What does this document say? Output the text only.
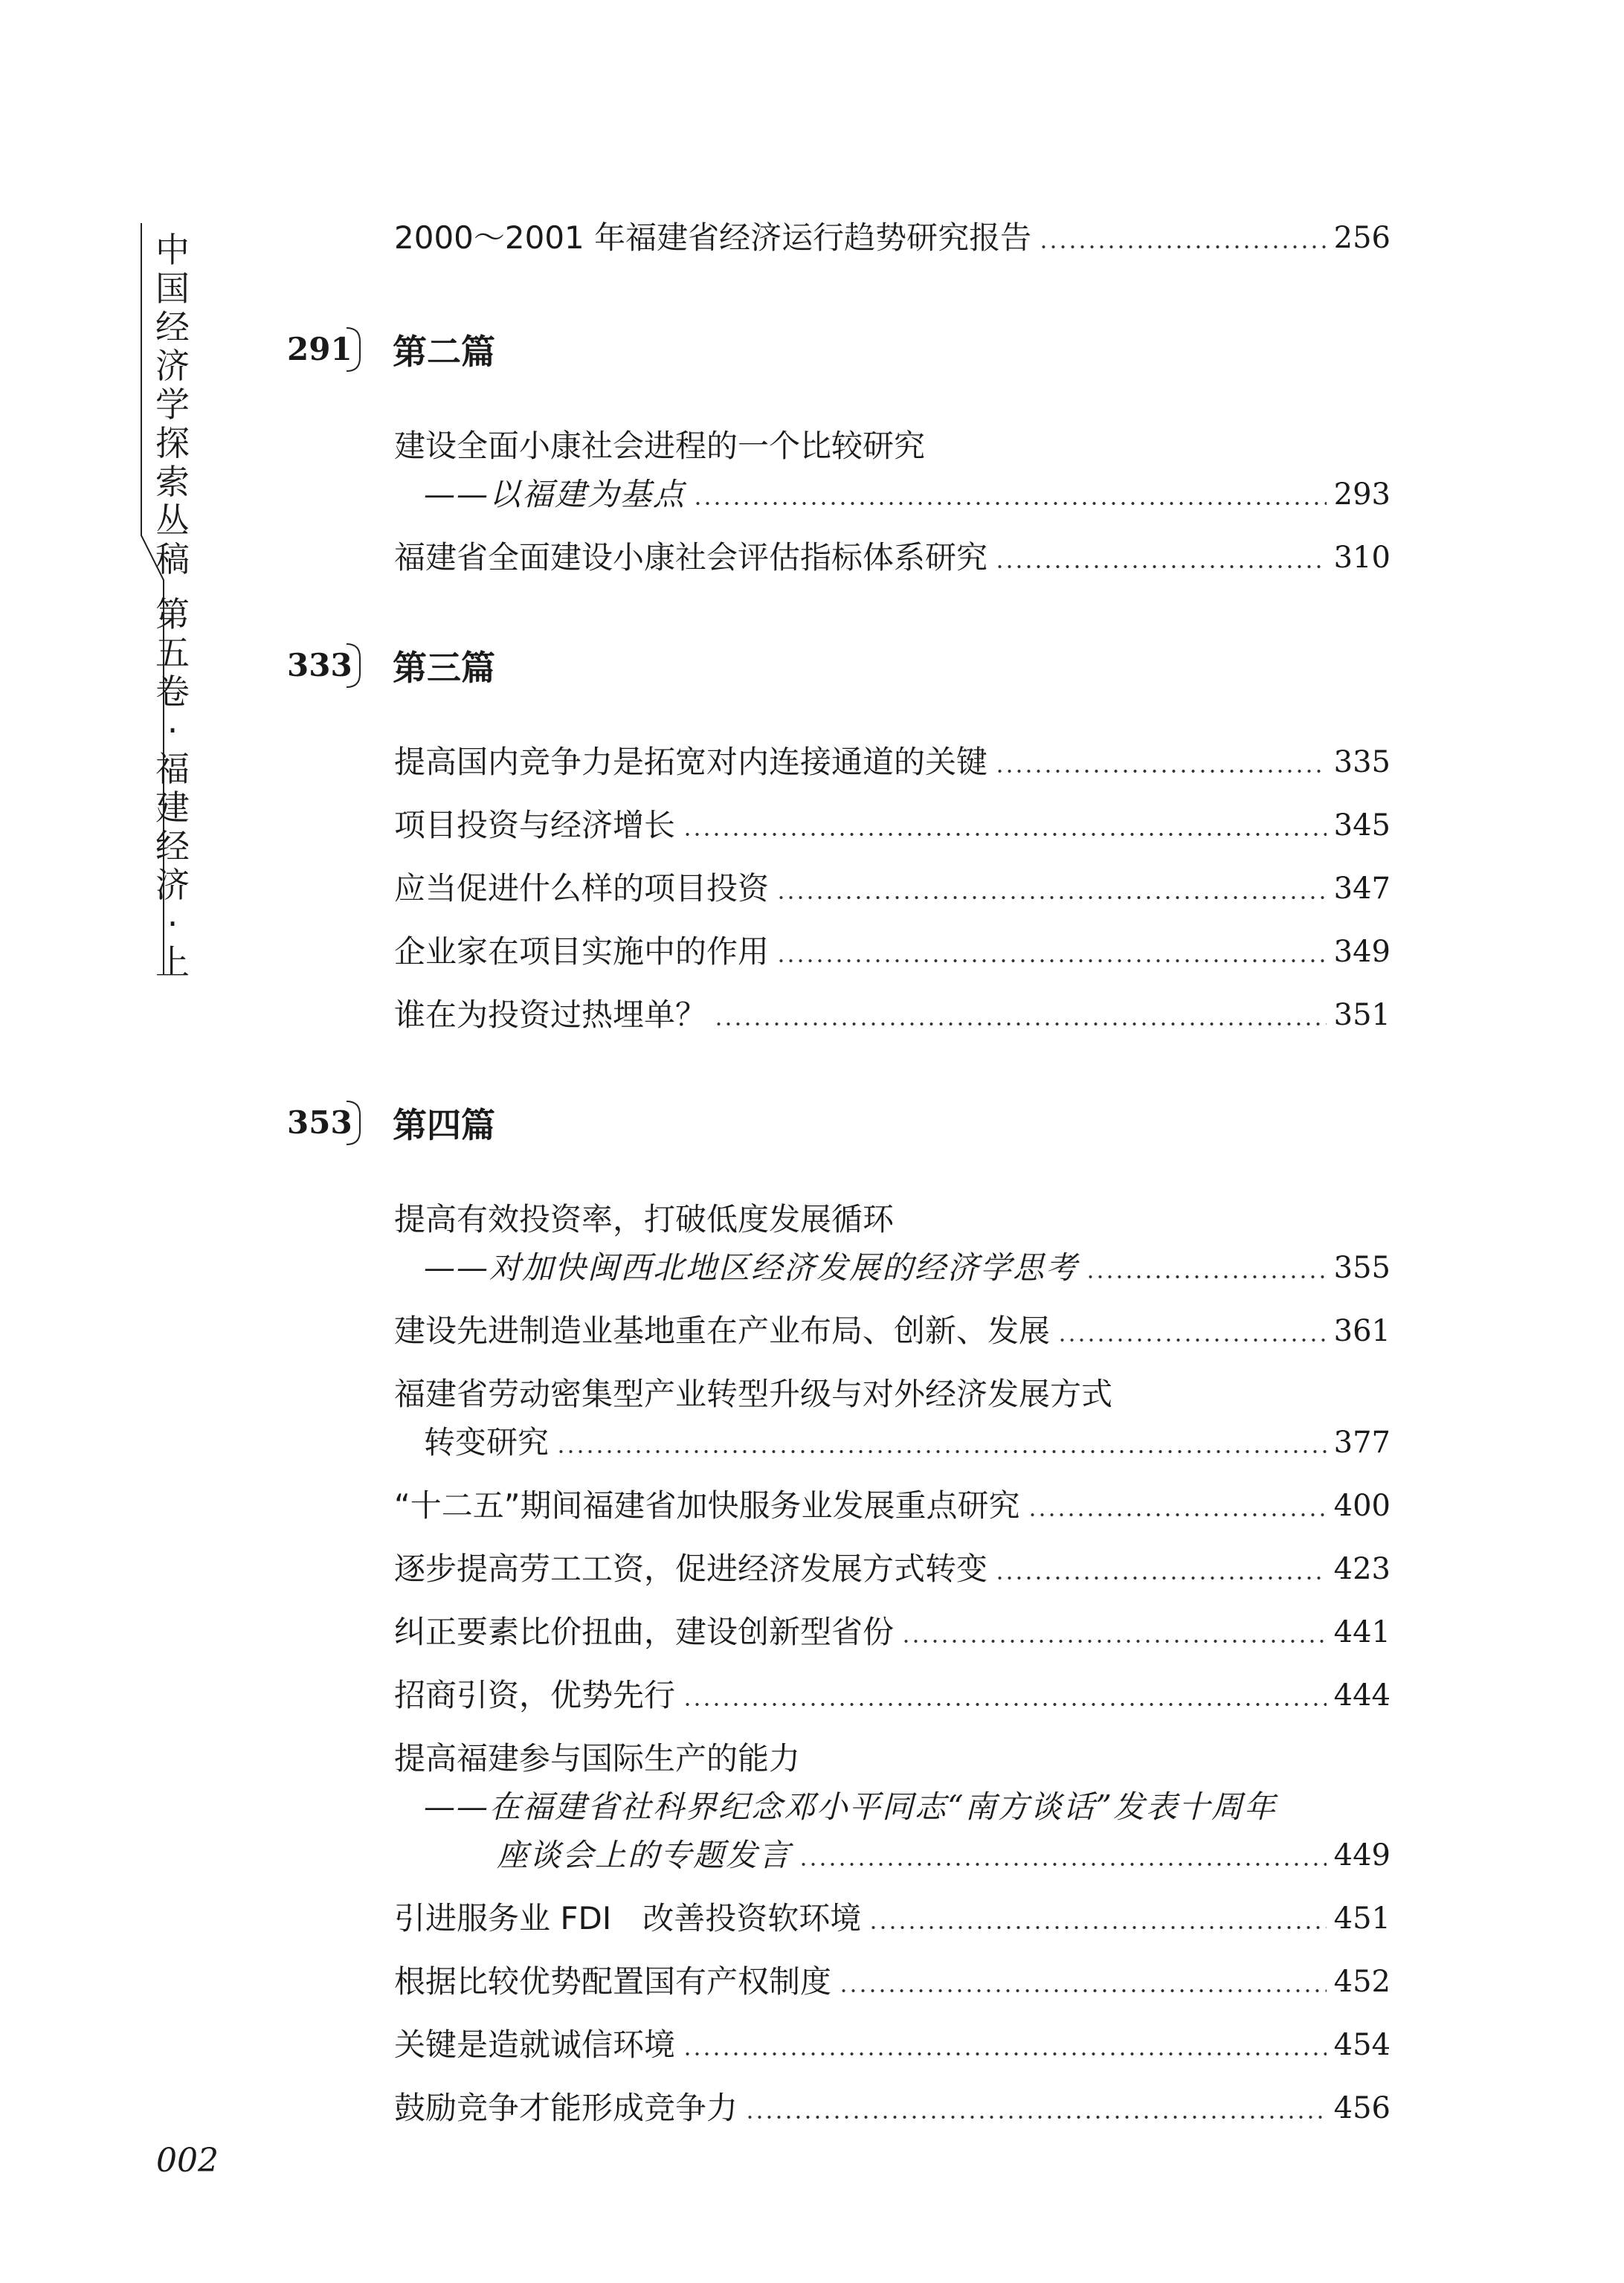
中
国
经
济
学
探
索
丛
稿
第
五
卷
·
福
建
经
济
·
上
2000～2001 年福建省经济运行趋势研究报告	256
291 第二篇
建设全面小康社会进程的一个比较研究
——以福建为基点	293
福建省全面建设小康社会评估指标体系研究	310
333 第三篇
提高国内竞争力是拓宽对内连接通道的关键	335
项目投资与经济增长	345
应当促进什么样的项目投资	347
企业家在项目实施中的作用	349
谁在为投资过热埋单？	351
353 第四篇
提高有效投资率，打破低度发展循环
——对加快闽西北地区经济发展的经济学思考	355
建设先进制造业基地重在产业布局、创新、发展	361
福建省劳动密集型产业转型升级与对外经济发展方式
转变研究	377
“十二五”期间福建省加快服务业发展重点研究	400
逐步提高劳工工资，促进经济发展方式转变	423
纠正要素比价扭曲，建设创新型省份	441
招商引资，优势先行	444
提高福建参与国际生产的能力
——在福建省社科界纪念邓小平同志“南方谈话”发表十周年
座谈会上的专题发言	449
引进服务业 FDI　改善投资软环境	451
根据比较优势配置国有产权制度	452
关键是造就诚信环境	454
鼓励竞争才能形成竞争力	456
002
